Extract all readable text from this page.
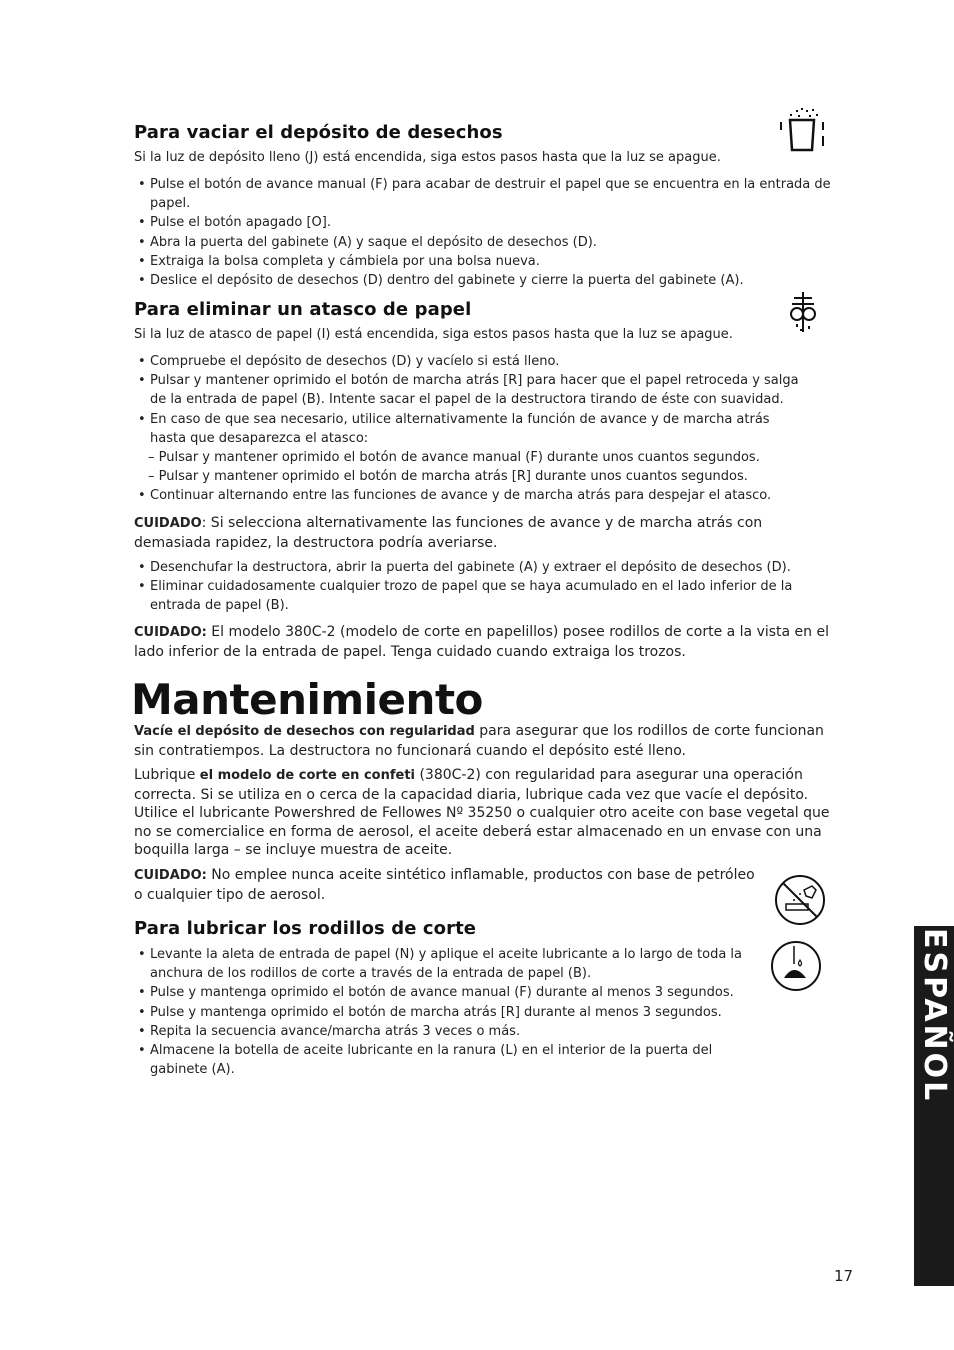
Para vaciar el depósito de desechos

Si la luz de depósito lleno (J) está encendida, siga estos pasos hasta que la luz se apague.

• Pulse el botón de avance manual (F) para acabar de destruir el papel que se encuentra en la entrada de papel.
• Pulse el botón apagado [O].
• Abra la puerta del gabinete (A) y saque el depósito de desechos (D).
• Extraiga la bolsa completa y cámbiela por una bolsa nueva.
• Deslice el depósito de desechos (D) dentro del gabinete y cierre la puerta del gabinete (A).
Para eliminar un atasco de papel

Si la luz de atasco de papel (I) está encendida, siga estos pasos hasta que la luz se apague.

• Compruebe el depósito de desechos (D) y vacíelo si está lleno.
• Pulsar y mantener oprimido el botón de marcha atrás [R] para hacer que el papel retroceda y salga de la entrada de papel (B). Intente sacar el papel de la destructora tirando de éste con suavidad.
• En caso de que sea necesario, utilice alternativamente la función de avance y de marcha atrás hasta que desaparezca el atasco:
– Pulsar y mantener oprimido el botón de avance manual (F) durante unos cuantos segundos.
– Pulsar y mantener oprimido el botón de marcha atrás [R] durante unos cuantos segundos.
• Continuar alternando entre las funciones de avance y de marcha atrás para despejar el atasco.

CUIDADO: Si selecciona alternativamente las funciones de avance y de marcha atrás con demasiada rapidez, la destructora podría averiarse.

• Desenchufar la destructora, abrir la puerta del gabinete (A) y extraer el depósito de desechos (D).
• Eliminar cuidadosamente cualquier trozo de papel que se haya acumulado en el lado inferior de la entrada de papel (B).

CUIDADO: El modelo 380C-2 (modelo de corte en papelillos) posee rodillos de corte a la vista en el lado inferior de la entrada de papel. Tenga cuidado cuando extraiga los trozos.

Mantenimiento

Vacíe el depósito de desechos con regularidad para asegurar que los rodillos de corte funcionan sin contratiempos. La destructora no funcionará cuando el depósito esté lleno.

Lubrique el modelo de corte en confeti (380C-2) con regularidad para asegurar una operación correcta. Si se utiliza en o cerca de la capacidad diaria, lubrique cada vez que vacíe el depósito. Utilice el lubricante Powershred de Fellowes Nº 35250 o cualquier otro aceite con base vegetal que no se comercialice en forma de aerosol, el aceite deberá estar almacenado en un envase con una boquilla larga – se incluye muestra de aceite.

CUIDADO: No emplee nunca aceite sintético inflamable, productos con base de petróleo o cualquier tipo de aerosol.

Para lubricar los rodillos de corte
• Levante la aleta de entrada de papel (N) y aplique el aceite lubricante a lo largo de toda la anchura de los rodillos de corte a través de la entrada de papel (B).
• Pulse y mantenga oprimido el botón de avance manual (F) durante al menos 3 segundos.
• Pulse y mantenga oprimido el botón de marcha atrás [R] durante al menos 3 segundos.
• Repita la secuencia avance/marcha atrás 3 veces o más.
• Almacene la botella de aceite lubricante en la ranura (L) en el interior de la puerta del gabinete (A).	ESPAÑOL
17
